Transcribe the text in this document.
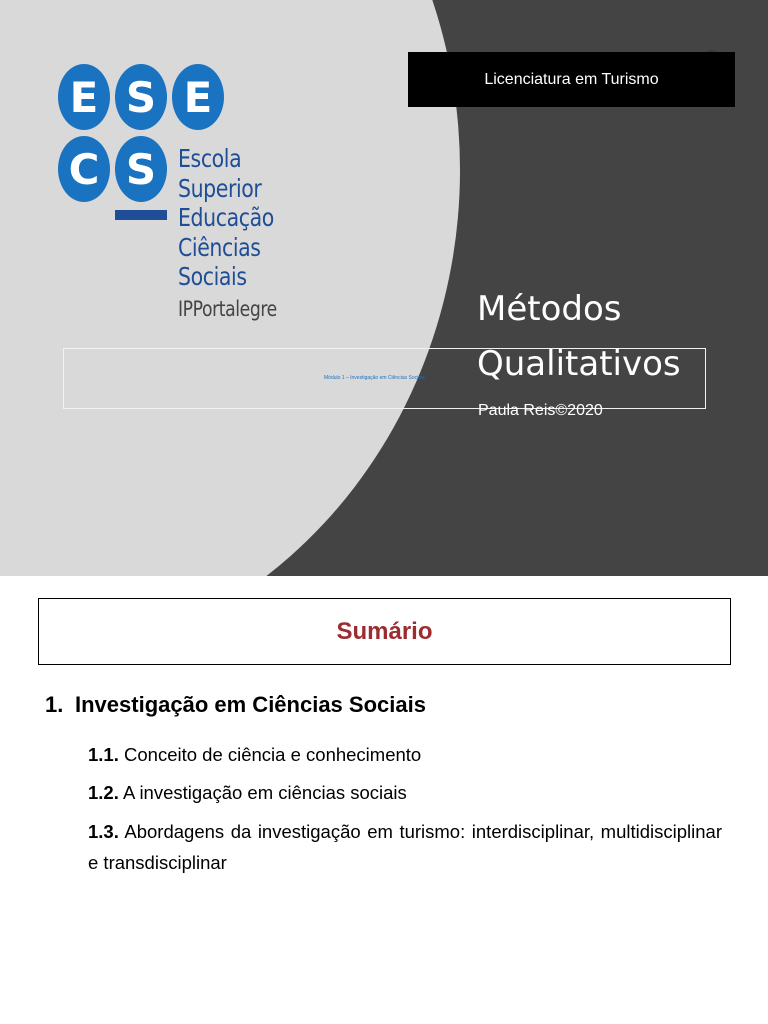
Licenciatura em Turismo
E S E
C S Escola
Superior
Educação
Ciências
Sociais
IPPortalegre
Módulo 1 – Investigação em Ciências Sociais
Métodos
Qualitativos
Paula Reis©2020
Sumário
1. Investigação em Ciências Sociais
1.1. Conceito de ciência e conhecimento
1.2. A investigação em ciências sociais
1.3. Abordagens da investigação em turismo: interdisciplinar, multidisciplinar e transdisciplinar
